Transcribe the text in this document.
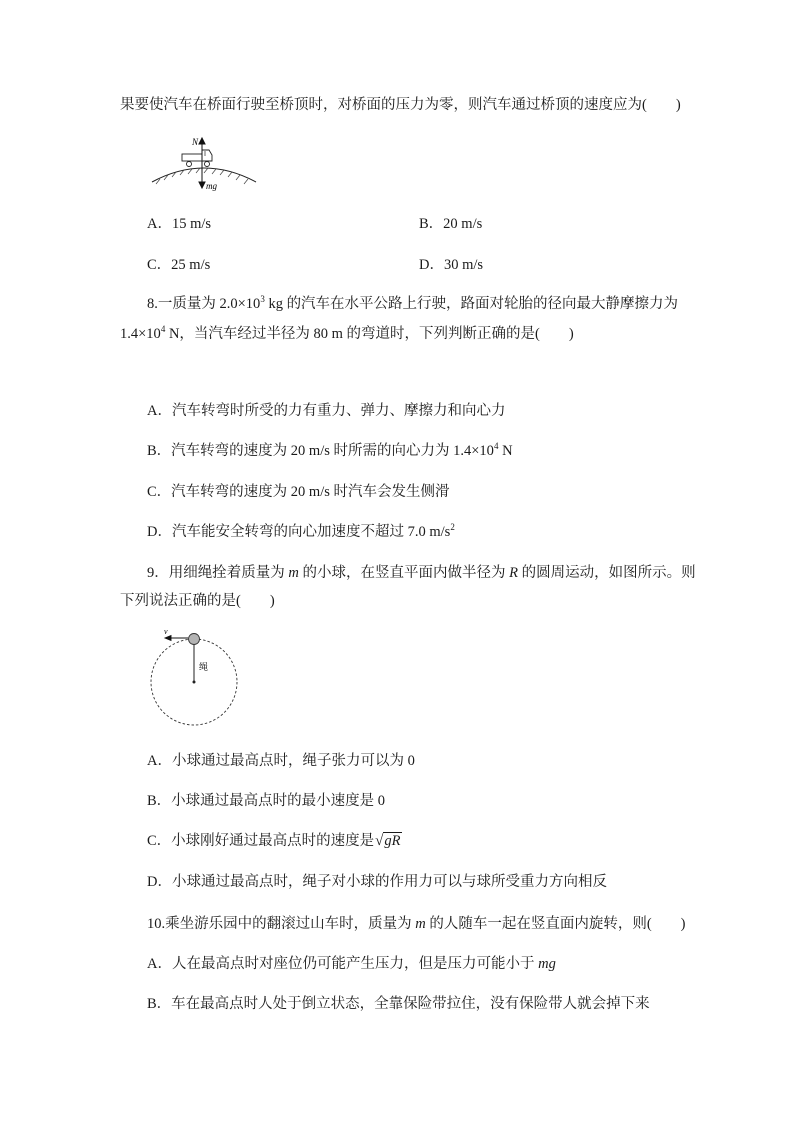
果要使汽车在桥面行驶至桥顶时，对桥面的压力为零，则汽车通过桥顶的速度应为(　　)
N
mg
A．15 m/s	B．20 m/s
C．25 m/s	D．30 m/s
8.一质量为 $2.0\times 10^3$ kg 的汽车在水平公路上行驶，路面对轮胎的径向最大静摩擦力为
$1.4\times 10^4$ N，当汽车经过半径为 80 m 的弯道时，下列判断正确的是(　　)
A．汽车转弯时所受的力有重力、弹力、摩擦力和向心力
B．汽车转弯的速度为 20 m/s 时所需的向心力为 $1.4\times 10^4$ N
C．汽车转弯的速度为 20 m/s 时汽车会发生侧滑
D．汽车能安全转弯的向心加速度不超过 7.0 $m/s^2$
9．用细绳拴着质量为 m 的小球，在竖直平面内做半径为 R 的圆周运动，如图所示。则
下列说法正确的是(　　)
v
绳
A．小球通过最高点时，绳子张力可以为 0
B．小球通过最高点时的最小速度是 0
C．小球刚好通过最高点时的速度是√gR
D．小球通过最高点时，绳子对小球的作用力可以与球所受重力方向相反
10.乘坐游乐园中的翻滚过山车时，质量为 m 的人随车一起在竖直面内旋转，则(　　)
A．人在最高点时对座位仍可能产生压力，但是压力可能小于 mg
B．车在最高点时人处于倒立状态，全靠保险带拉住，没有保险带人就会掉下来
